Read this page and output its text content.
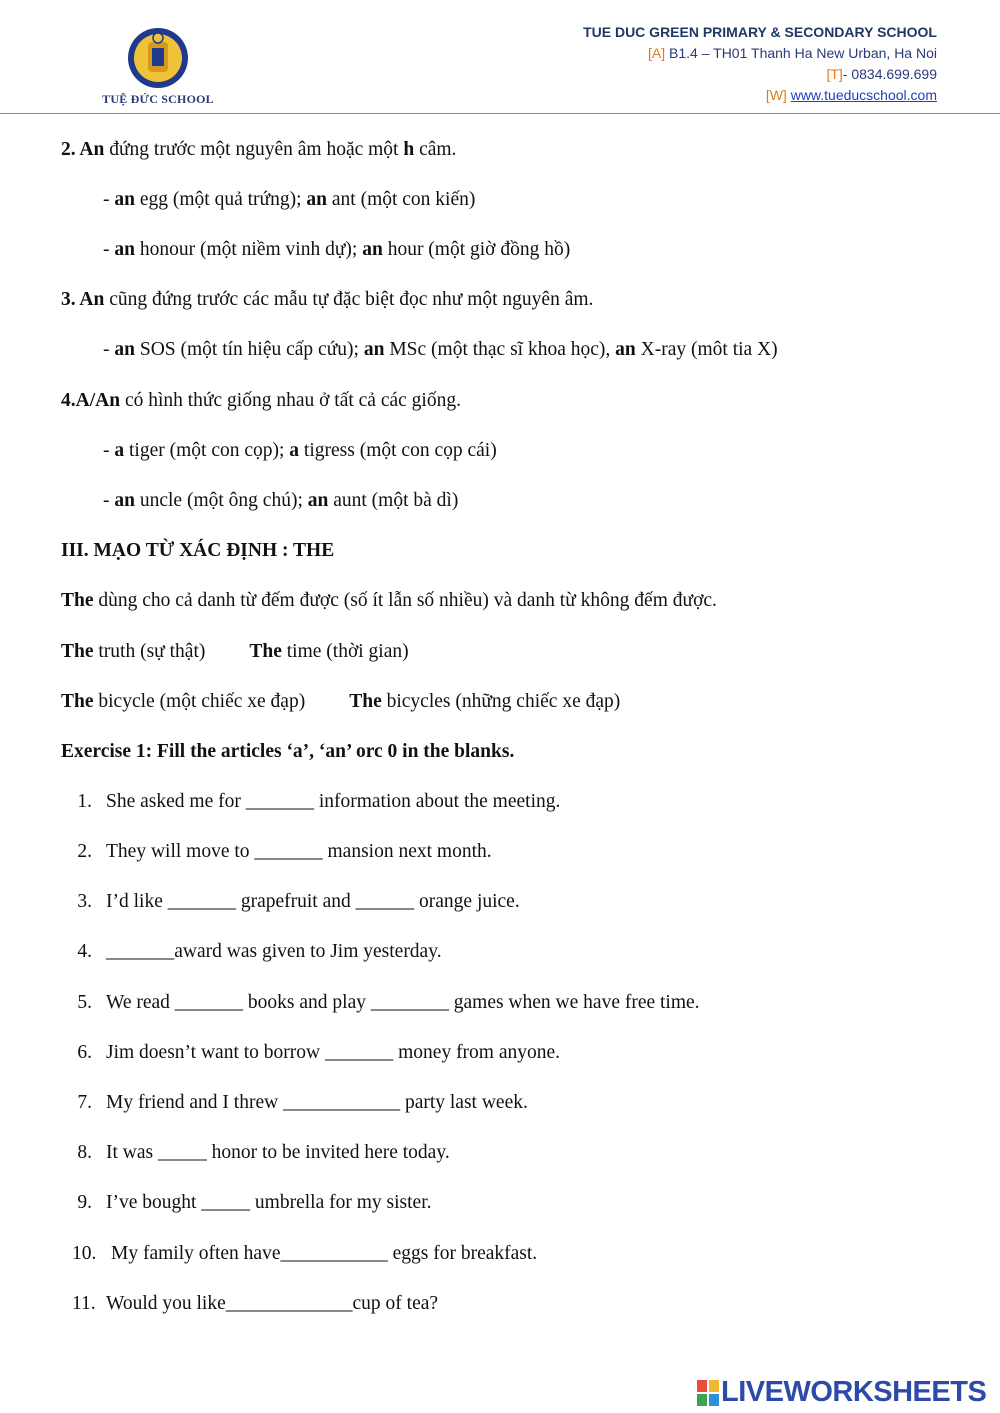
TUỆ ĐỨC SCHOOL
TUE DUC GREEN PRIMARY & SECONDARY SCHOOL
[A] B1.4 – TH01 Thanh Ha New Urban, Ha Noi
[T]- 0834.699.699
[W] www.tueducschool.com
2. An đứng trước một nguyên âm hoặc một h câm.
- an egg (một quả trứng); an ant (một con kiến)
- an honour (một niềm vinh dự); an hour (một giờ đồng hồ)
3. An cũng đứng trước các mẫu tự đặc biệt đọc như một nguyên âm.
- an SOS (một tín hiệu cấp cứu); an MSc (một thạc sĩ khoa học), an X-ray (môt tia X)
4.A/An có hình thức giống nhau ở tất cả các giống.
- a tiger (một con cọp); a tigress (một con cọp cái)
- an uncle (một ông chú); an aunt (một bà dì)
III. MẠO TỪ XÁC ĐỊNH : THE
The dùng cho cả danh từ đếm được (số ít lẫn số nhiều) và danh từ không đếm được.
The truth (sự thật) The time (thời gian)
The bicycle (một chiếc xe đạp) The bicycles (những chiếc xe đạp)
Exercise 1: Fill the articles ‘a’, ‘an’ orc 0 in the blanks.
1. She asked me for _______ information about the meeting.
2. They will move to _______ mansion next month.
3. I’d like _______ grapefruit and ______ orange juice.
4. _______award was given to Jim yesterday.
5. We read _______ books and play ________ games when we have free time.
6. Jim doesn’t want to borrow _______ money from anyone.
7. My friend and I threw ____________ party last week.
8. It was _____ honor to be invited here today.
9. I’ve bought _____ umbrella for my sister.
10. My family often have___________ eggs for breakfast.
11. Would you like_____________cup of tea?
LIVEWORKSHEETS
